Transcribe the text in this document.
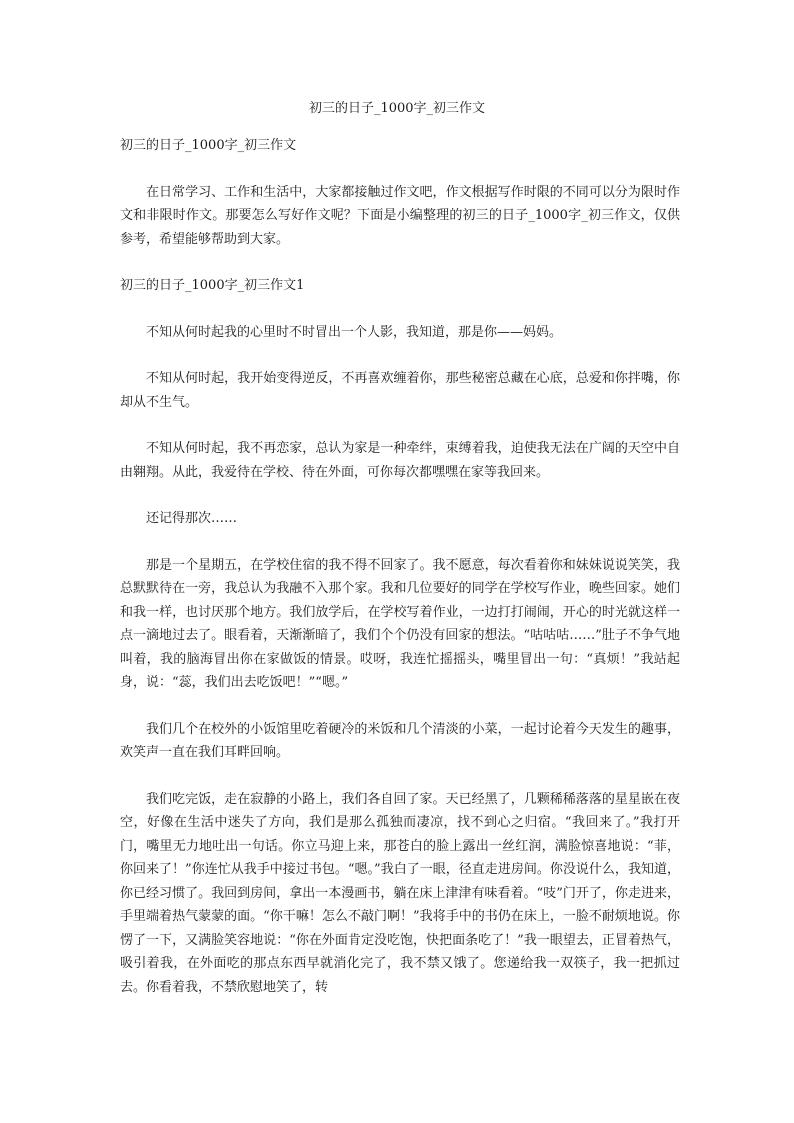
初三的日子_1000字_初三作文

初三的日子_1000字_初三作文

在日常学习、工作和生活中，大家都接触过作文吧，作文根据写作时限的不同可以分为限时作文和非限时作文。那要怎么写好作文呢？下面是小编整理的初三的日子_1000字_初三作文，仅供参考，希望能够帮助到大家。

初三的日子_1000字_初三作文1

不知从何时起我的心里时不时冒出一个人影，我知道，那是你——妈妈。

不知从何时起，我开始变得逆反，不再喜欢缠着你，那些秘密总藏在心底，总爱和你拌嘴，你却从不生气。

不知从何时起，我不再恋家，总认为家是一种牵绊，束缚着我，迫使我无法在广阔的天空中自由翱翔。从此，我爱待在学校、待在外面，可你每次都嘿嘿在家等我回来。

还记得那次……

那是一个星期五，在学校住宿的我不得不回家了。我不愿意，每次看着你和妹妹说说笑笑，我总默默待在一旁，我总认为我融不入那个家。我和几位要好的同学在学校写作业，晚些回家。她们和我一样，也讨厌那个地方。我们放学后，在学校写着作业，一边打打闹闹，开心的时光就这样一点一滴地过去了。眼看着，天渐渐暗了，我们个个仍没有回家的想法。“咕咕咕……”肚子不争气地叫着，我的脑海冒出你在家做饭的情景。哎呀，我连忙摇摇头，嘴里冒出一句：“真烦！”我站起身，说：“蕊，我们出去吃饭吧！”“嗯。”

我们几个在校外的小饭馆里吃着硬冷的米饭和几个清淡的小菜，一起讨论着今天发生的趣事，欢笑声一直在我们耳畔回响。

我们吃完饭，走在寂静的小路上，我们各自回了家。天已经黑了，几颗稀稀落落的星星嵌在夜空，好像在生活中迷失了方向，我们是那么孤独而凄凉，找不到心之归宿。“我回来了。”我打开门，嘴里无力地吐出一句话。你立马迎上来，那苍白的脸上露出一丝红润，满脸惊喜地说：“菲，你回来了！”你连忙从我手中接过书包。“嗯。”我白了一眼，径直走进房间。你没说什么，我知道，你已经习惯了。我回到房间，拿出一本漫画书，躺在床上津津有味看着。“吱”门开了，你走进来，手里端着热气蒙蒙的面。“你干嘛！怎么不敲门啊！”我将手中的书仍在床上，一脸不耐烦地说。你愣了一下，又满脸笑容地说：“你在外面肯定没吃饱，快把面条吃了！”我一眼望去，正冒着热气，吸引着我，在外面吃的那点东西早就消化完了，我不禁又饿了。您递给我一双筷子，我一把抓过去。你看着我，不禁欣慰地笑了，转
